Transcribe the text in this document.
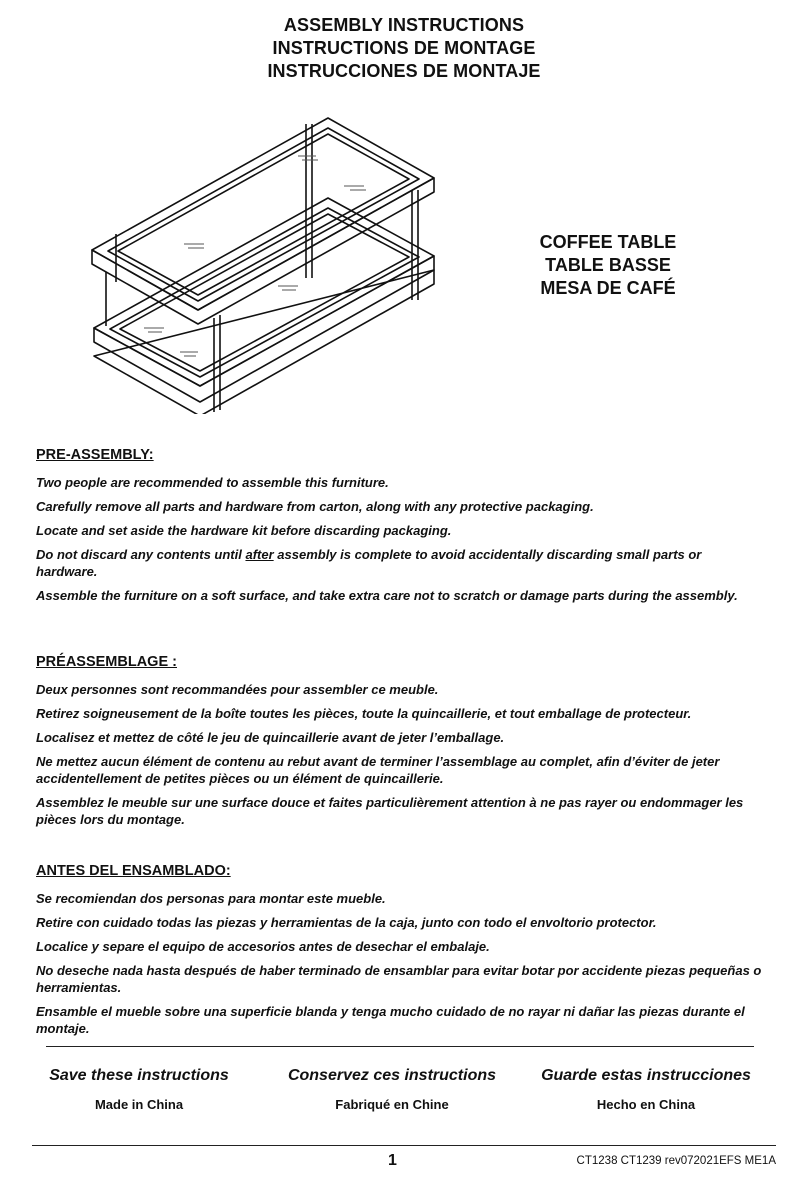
ASSEMBLY INSTRUCTIONS
INSTRUCTIONS DE MONTAGE
INSTRUCCIONES DE MONTAJE
COFFEE TABLE
TABLE BASSE
MESA DE CAFÉ
PRE-ASSEMBLY:
Two people are recommended to assemble this furniture.
Carefully remove all parts and hardware from carton, along with any protective packaging.
Locate and set aside the hardware kit before discarding packaging.
Do not discard any contents until after assembly is complete to avoid accidentally discarding small parts or hardware.
Assemble the furniture on a soft surface, and take extra care not to scratch or damage parts during the assembly.
PRÉASSEMBLAGE :
Deux personnes sont recommandées pour assembler ce meuble.
Retirez soigneusement de la boîte toutes les pièces, toute la quincaillerie, et tout emballage de protecteur.
Localisez et mettez de côté le jeu de quincaillerie avant de jeter l’emballage.
Ne mettez aucun élément de contenu au rebut avant de terminer l’assemblage au complet, afin d’éviter de jeter accidentellement de petites pièces ou un élément de quincaillerie.
Assemblez le meuble sur une surface douce et faites particulièrement attention à ne pas rayer ou endommager les pièces lors du montage.
ANTES DEL ENSAMBLADO:
Se recomiendan dos personas para montar este mueble.
Retire con cuidado todas las piezas y herramientas de la caja, junto con todo el envoltorio protector.
Localice y separe el equipo de accesorios antes de desechar el embalaje.
No deseche nada hasta después de haber terminado de ensamblar para evitar botar por accidente piezas pequeñas o herramientas.
Ensamble el mueble sobre una superficie blanda y tenga mucho cuidado de no rayar ni dañar las piezas durante el montaje.
Save these instructions
Made in China
Conservez ces instructions
Fabriqué en Chine
Guarde estas instrucciones
Hecho en China
1	CT1238 CT1239 rev072021EFS ME1A
